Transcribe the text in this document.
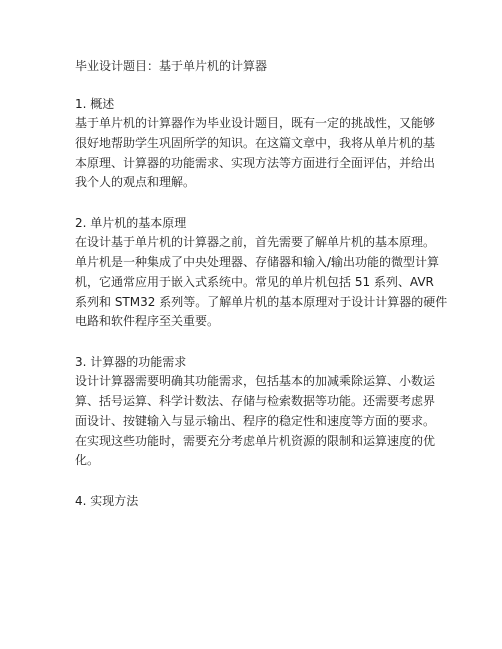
毕业设计题目：基于单片机的计算器

1. 概述

基于单片机的计算器作为毕业设计题目，既有一定的挑战性，又能够

很好地帮助学生巩固所学的知识。在这篇文章中，我将从单片机的基

本原理、计算器的功能需求、实现方法等方面进行全面评估，并给出

我个人的观点和理解。

2. 单片机的基本原理

在设计基于单片机的计算器之前，首先需要了解单片机的基本原理。

单片机是一种集成了中央处理器、存储器和输入/输出功能的微型计算

机，它通常应用于嵌入式系统中。常见的单片机包括 51 系列、AVR

系列和 STM32 系列等。了解单片机的基本原理对于设计计算器的硬件

电路和软件程序至关重要。

3. 计算器的功能需求

设计计算器需要明确其功能需求，包括基本的加减乘除运算、小数运

算、括号运算、科学计数法、存储与检索数据等功能。还需要考虑界

面设计、按键输入与显示输出、程序的稳定性和速度等方面的要求。

在实现这些功能时，需要充分考虑单片机资源的限制和运算速度的优

化。

4. 实现方法
